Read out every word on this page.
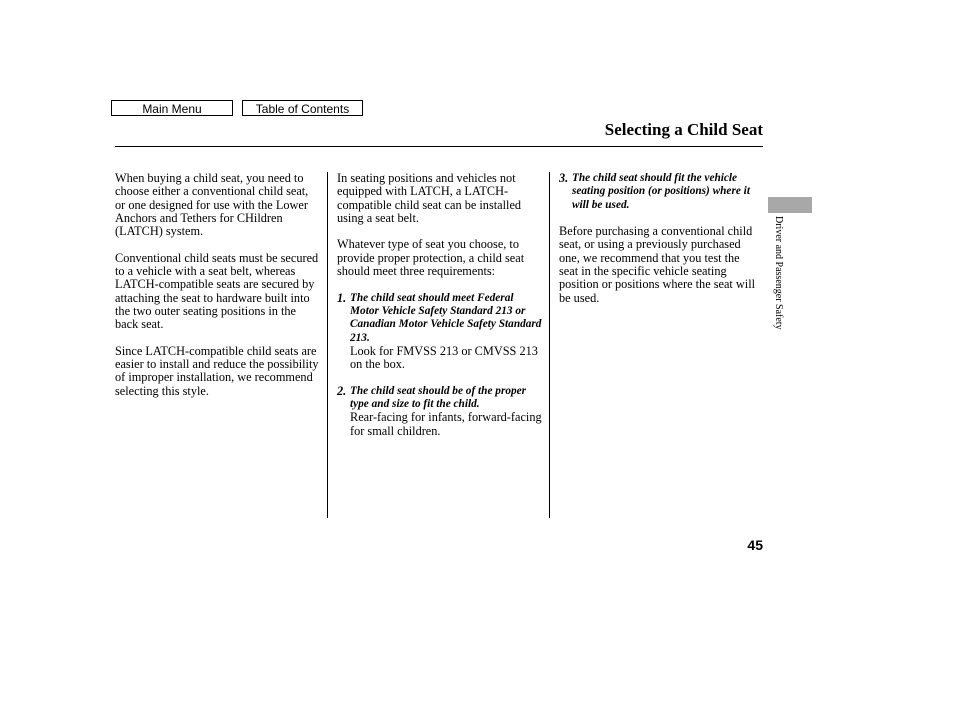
Main Menu	Table of Contents
Selecting a Child Seat

When buying a child seat, you need to choose either a conventional child seat, or one designed for use with the Lower Anchors and Tethers for CHildren (LATCH) system.

Conventional child seats must be secured to a vehicle with a seat belt, whereas LATCH-compatible seats are secured by attaching the seat to hardware built into the two outer seating positions in the back seat.

Since LATCH-compatible child seats are easier to install and reduce the possibility of improper installation, we recommend selecting this style.

In seating positions and vehicles not equipped with LATCH, a LATCH-compatible child seat can be installed using a seat belt.

Whatever type of seat you choose, to provide proper protection, a child seat should meet three requirements:

1. The child seat should meet Federal Motor Vehicle Safety Standard 213 or Canadian Motor Vehicle Safety Standard 213.
Look for FMVSS 213 or CMVSS 213 on the box.
2. The child seat should be of the proper type and size to fit the child.
Rear-facing for infants, forward-facing for small children.
3. The child seat should fit the vehicle seating position (or positions) where it will be used.

Before purchasing a conventional child seat, or using a previously purchased one, we recommend that you test the seat in the specific vehicle seating position or positions where the seat will be used.	Driver and Passenger Safety
45
